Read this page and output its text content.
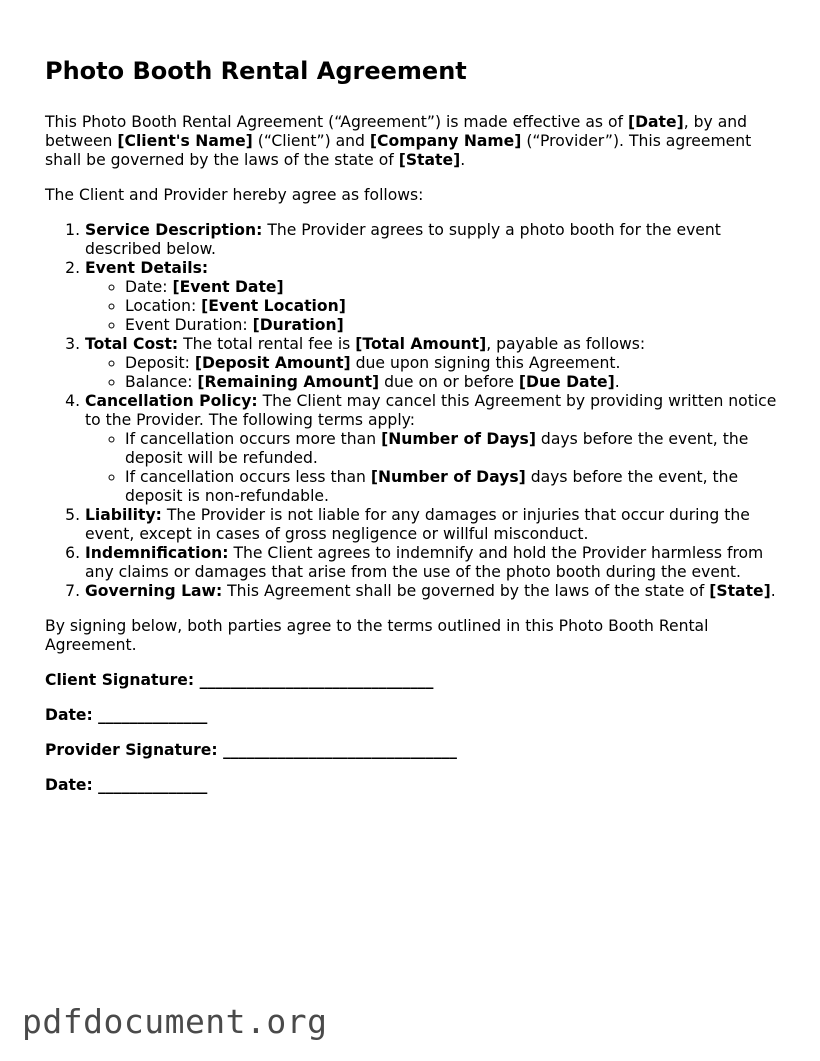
Photo Booth Rental Agreement

This Photo Booth Rental Agreement (“Agreement”) is made effective as of [Date], by and between [Client's Name] (“Client”) and [Company Name] (“Provider”). This agreement shall be governed by the laws of the state of [State].

The Client and Provider hereby agree as follows:

1. Service Description: The Provider agrees to supply a photo booth for the event described below.
2. Event Details:
◦ Date: [Event Date]
◦ Location: [Event Location]
◦ Event Duration: [Duration]
3. Total Cost: The total rental fee is [Total Amount], payable as follows:
◦ Deposit: [Deposit Amount] due upon signing this Agreement.
◦ Balance: [Remaining Amount] due on or before [Due Date].
4. Cancellation Policy: The Client may cancel this Agreement by providing written notice to the Provider. The following terms apply:
◦ If cancellation occurs more than [Number of Days] days before the event, the deposit will be refunded.
◦ If cancellation occurs less than [Number of Days] days before the event, the deposit is non-refundable.
5. Liability: The Provider is not liable for any damages or injuries that occur during the event, except in cases of gross negligence or willful misconduct.
6. Indemnification: The Client agrees to indemnify and hold the Provider harmless from any claims or damages that arise from the use of the photo booth during the event.
7. Governing Law: This Agreement shall be governed by the laws of the state of [State].

By signing below, both parties agree to the terms outlined in this Photo Booth Rental Agreement.

Client Signature: ______________________________

Date: ______________

Provider Signature: ______________________________

Date: ______________

pdfdocument.org
